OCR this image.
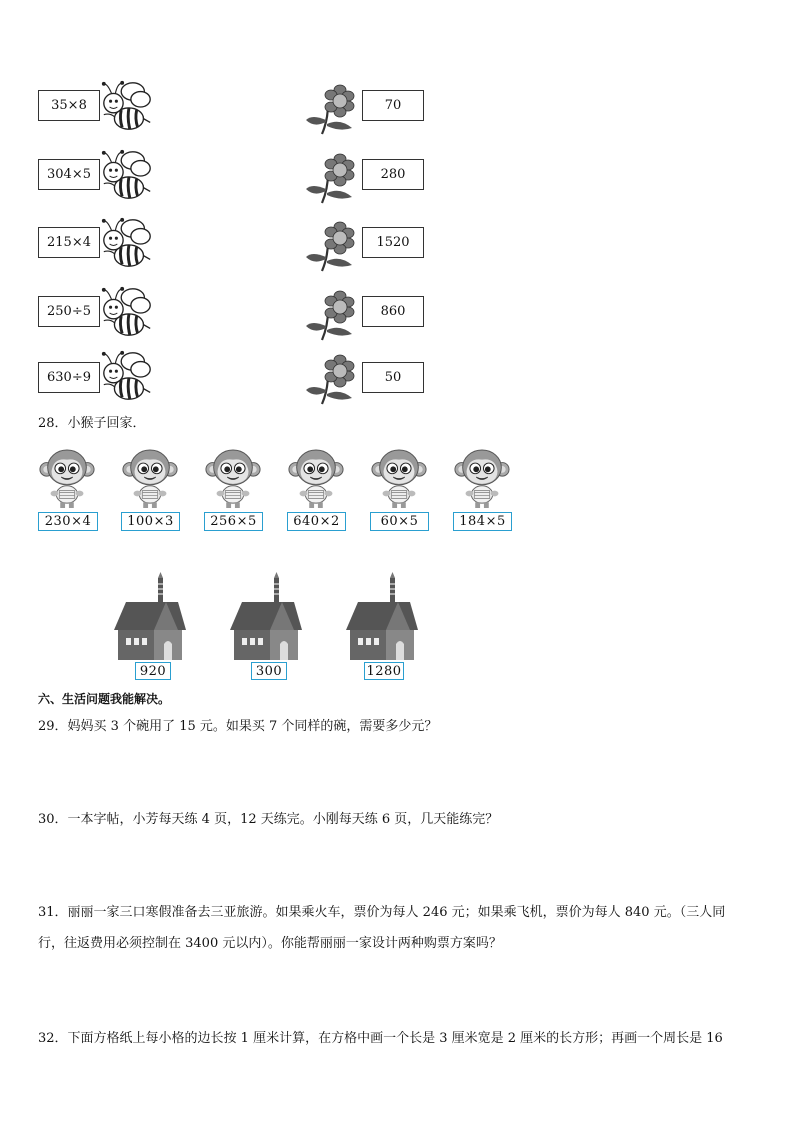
35×8	70
304×5	280
215×4	1520
250÷5	860
630÷9	50
28．小猴子回家．
230×4	100×3	256×5	640×2	60×5	184×5
920	300	1280
六、生活问题我能解决。
29．妈妈买 3 个碗用了 15 元。如果买 7 个同样的碗，需要多少元？
30．一本字帖，小芳每天练 4 页，12 天练完。小刚每天练 6 页，几天能练完？
31．丽丽一家三口寒假准备去三亚旅游。如果乘火车，票价为每人 246 元；如果乘飞机，票价为每人 840 元。（三人同
行，往返费用必须控制在 3400 元以内）。你能帮丽丽一家设计两种购票方案吗？
32．下面方格纸上每小格的边长按 1 厘米计算，在方格中画一个长是 3 厘米宽是 2 厘米的长方形；再画一个周长是 16
